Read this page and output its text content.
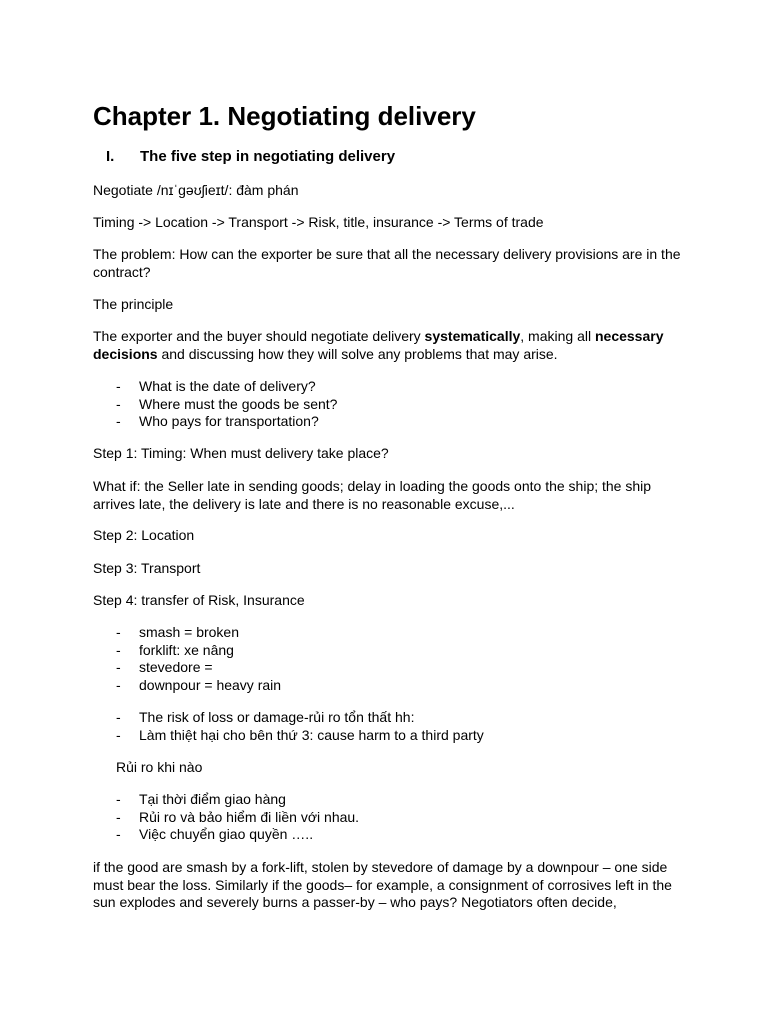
Chapter 1. Negotiating delivery
I. The five step in negotiating delivery

Negotiate /nɪˈɡəʊʃieɪt/: đàm phán

Timing -> Location -> Transport -> Risk, title, insurance -> Terms of trade

The problem: How can the exporter be sure that all the necessary delivery provisions are in the contract?

The principle

The exporter and the buyer should negotiate delivery systematically, making all necessary decisions and discussing how they will solve any problems that may arise.

- What is the date of delivery?
- Where must the goods be sent?
- Who pays for transportation?

Step 1: Timing: When must delivery take place?

What if: the Seller late in sending goods; delay in loading the goods onto the ship; the ship arrives late, the delivery is late and there is no reasonable excuse,...

Step 2: Location

Step 3: Transport

Step 4: transfer of Risk, Insurance

- smash = broken
- forklift: xe nâng
- stevedore =
- downpour = heavy rain
- The risk of loss or damage-rủi ro tổn thất hh:
- Làm thiệt hại cho bên thứ 3: cause harm to a third party

Rủi ro khi nào

- Tại thời điểm giao hàng
- Rủi ro và bảo hiểm đi liền với nhau.
- Việc chuyển giao quyền …..

if the good are smash by a fork-lift, stolen by stevedore of damage by a downpour – one side must bear the loss. Similarly if the goods– for example, a consignment of corrosives left in the sun explodes and severely burns a passer-by – who pays? Negotiators often decide,
